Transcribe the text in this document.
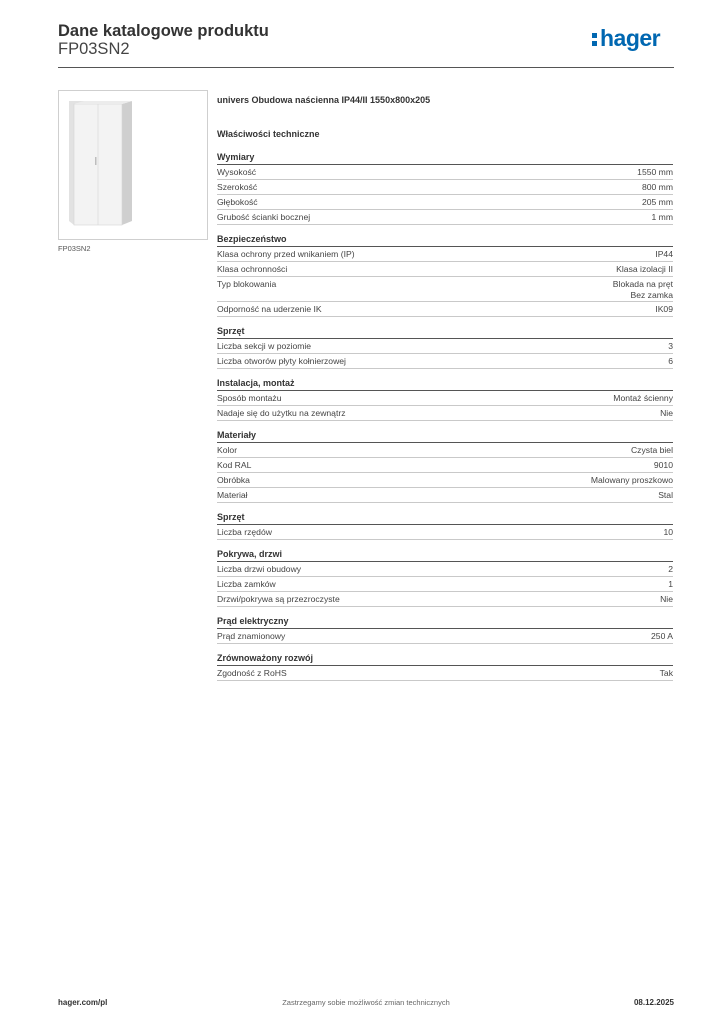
Dane katalogowe produktu
FP03SN2	hager
FP03SN2
univers Obudowa naścienna IP44/II 1550x800x205
Właściwości techniczne
Wymiary
Wysokość	1550 mm
Szerokość	800 mm
Głębokość	205 mm
Grubość ścianki bocznej	1 mm
Bezpieczeństwo
Klasa ochrony przed wnikaniem (IP)	IP44
Klasa ochronności	Klasa izolacji II
Typ blokowania	Blokada na pręt
Bez zamka
Odporność na uderzenie IK	IK09
Sprzęt
Liczba sekcji w poziomie	3
Liczba otworów płyty kołnierzowej	6
Instalacja, montaż
Sposób montażu	Montaż ścienny
Nadaje się do użytku na zewnątrz	Nie
Materiały
Kolor	Czysta biel
Kod RAL	9010
Obróbka	Malowany proszkowo
Materiał	Stal
Sprzęt
Liczba rzędów	10
Pokrywa, drzwi
Liczba drzwi obudowy	2
Liczba zamków	1
Drzwi/pokrywa są przezroczyste	Nie
Prąd elektryczny
Prąd znamionowy	250 A
Zrównoważony rozwój
Zgodność z RoHS	Tak
hager.com/pl	Zastrzegamy sobie możliwość zmian technicznych	08.12.2025
